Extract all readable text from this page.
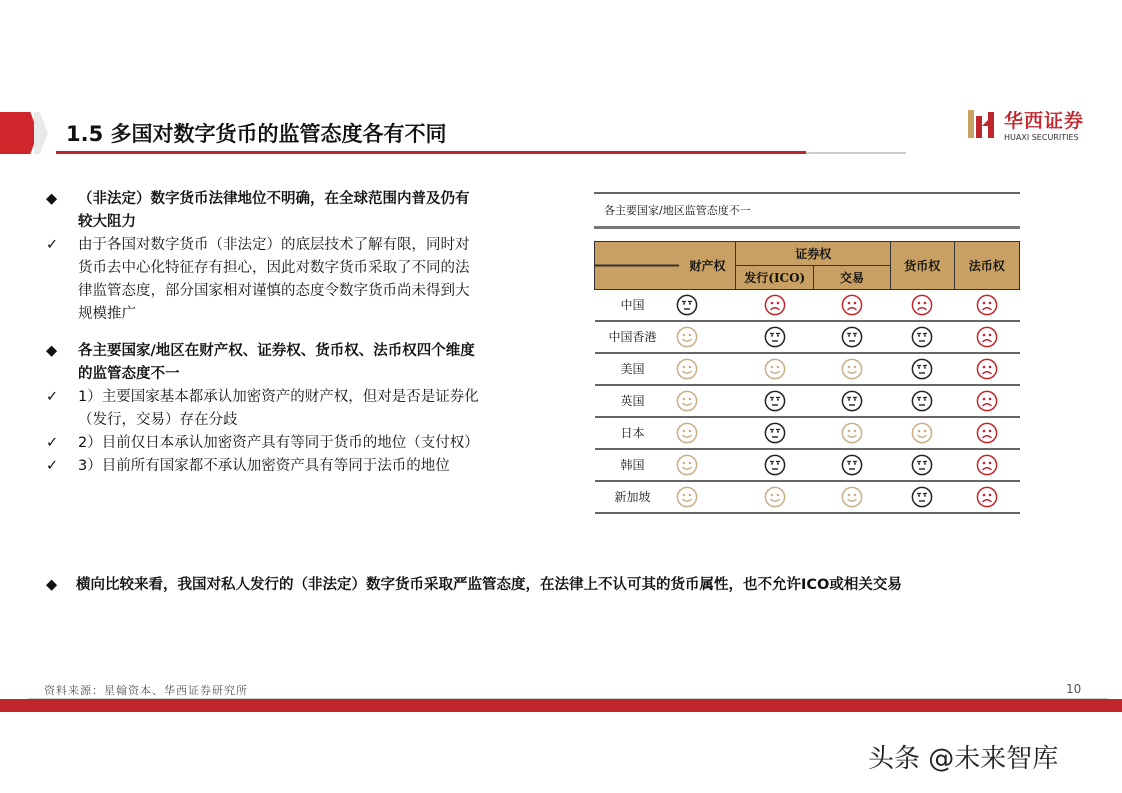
1.5 多国对数字货币的监管态度各有不同
华西证券
HUAXI SECURITIES
◆ （非法定）数字货币法律地位不明确，在全球范围内普及仍有
较大阻力
✓ 由于各国对数字货币（非法定）的底层技术了解有限，同时对
货币去中心化特征存有担心，因此对数字货币采取了不同的法
律监管态度，部分国家相对谨慎的态度令数字货币尚未得到大
规模推广
◆ 各主要国家/地区在财产权、证券权、货币权、法币权四个维度
的监管态度不一
✓ 1）主要国家基本都承认加密资产的财产权，但对是否是证券化
（发行，交易）存在分歧
✓ 2）目前仅日本承认加密资产具有等同于货币的地位（支付权）
✓ 3）目前所有国家都不承认加密资产具有等同于法币的地位
◆ 横向比较来看，我国对私人发行的（非法定）数字货币采取严监管态度，在法律上不认可其的货币属性，也不允许ICO或相关交易
各主要国家/地区监管态度不一
财产权	证券权		货币权	法币权
	发行(ICO)	交易		
中国				
中国香港				
美国				
英国				
日本				
韩国				
新加坡				
资料来源：星翰资本、华西证券研究所	10
头条 @未来智库
